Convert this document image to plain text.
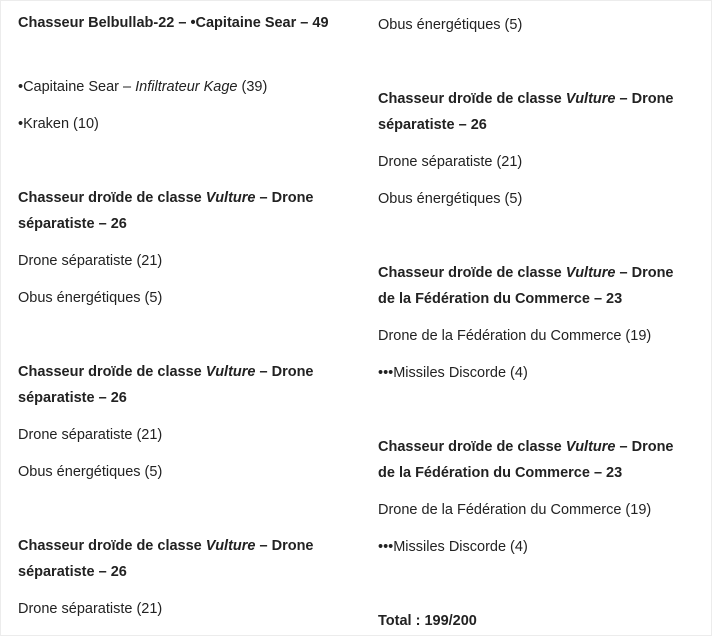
Chasseur Belbullab-22 – •Capitaine Sear – 49
•Capitaine Sear – Infiltrateur Kage (39)
•Kraken (10)
Chasseur droïde de classe Vulture – Drone séparatiste – 26
Drone séparatiste (21)
Obus énergétiques (5)
Chasseur droïde de classe Vulture – Drone séparatiste – 26
Drone séparatiste (21)
Obus énergétiques (5)
Chasseur droïde de classe Vulture – Drone séparatiste – 26
Drone séparatiste (21)
Obus énergétiques (5)
Chasseur droïde de classe Vulture – Drone séparatiste – 26
Drone séparatiste (21)
Obus énergétiques (5)
Chasseur droïde de classe Vulture – Drone de la Fédération du Commerce – 23
Drone de la Fédération du Commerce (19)
•••Missiles Discorde (4)
Chasseur droïde de classe Vulture – Drone de la Fédération du Commerce – 23
Drone de la Fédération du Commerce (19)
•••Missiles Discorde (4)
Total : 199/200
